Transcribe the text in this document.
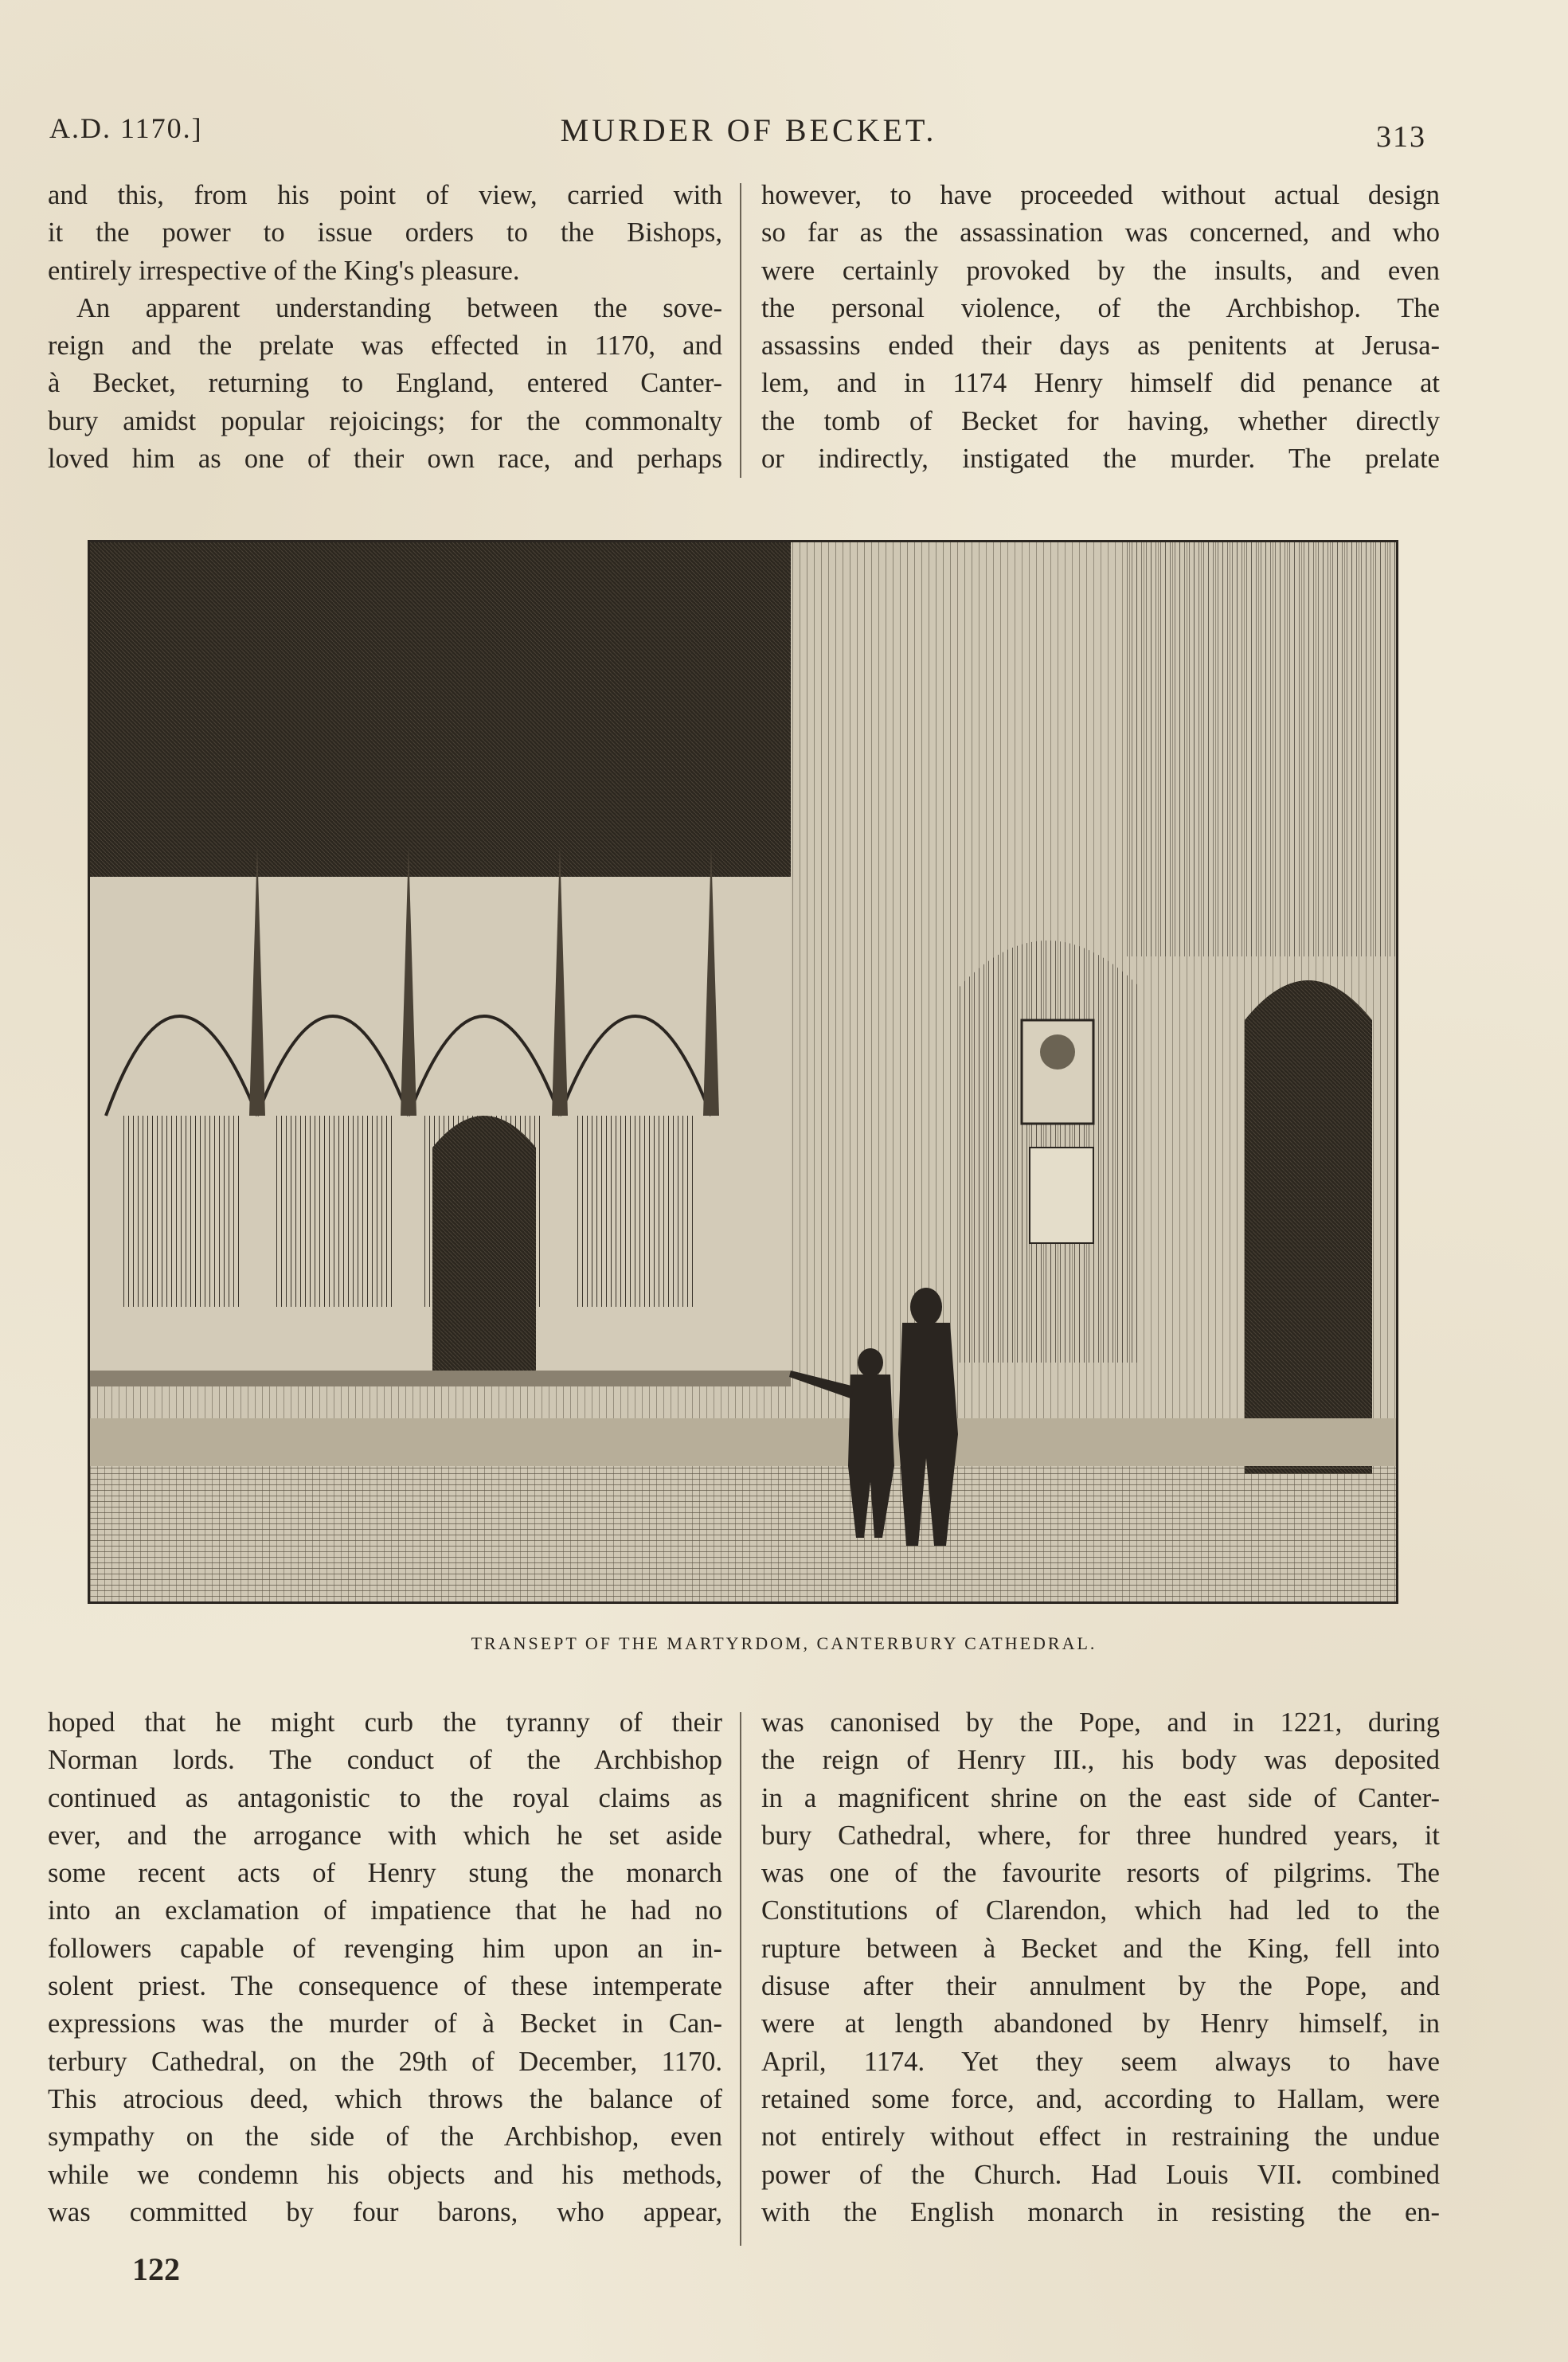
A.D. 1170.]	MURDER OF BECKET.	313
and this, from his point of view, carried with
it the power to issue orders to the Bishops,
entirely irrespective of the King's pleasure.
An apparent understanding between the sove-
reign and the prelate was effected in 1170, and
à Becket, returning to England, entered Canter-
bury amidst popular rejoicings; for the commonalty
loved him as one of their own race, and perhaps
however, to have proceeded without actual design
so far as the assassination was concerned, and who
were certainly provoked by the insults, and even
the personal violence, of the Archbishop. The
assassins ended their days as penitents at Jerusa-
lem, and in 1174 Henry himself did penance at
the tomb of Becket for having, whether directly
or indirectly, instigated the murder. The prelate
TRANSEPT OF THE MARTYRDOM, CANTERBURY CATHEDRAL.
hoped that he might curb the tyranny of their
Norman lords. The conduct of the Archbishop
continued as antagonistic to the royal claims as
ever, and the arrogance with which he set aside
some recent acts of Henry stung the monarch
into an exclamation of impatience that he had no
followers capable of revenging him upon an in-
solent priest. The consequence of these intemperate
expressions was the murder of à Becket in Can-
terbury Cathedral, on the 29th of December, 1170.
This atrocious deed, which throws the balance of
sympathy on the side of the Archbishop, even
while we condemn his objects and his methods,
was committed by four barons, who appear,
was canonised by the Pope, and in 1221, during
the reign of Henry III., his body was deposited
in a magnificent shrine on the east side of Canter-
bury Cathedral, where, for three hundred years, it
was one of the favourite resorts of pilgrims. The
Constitutions of Clarendon, which had led to the
rupture between à Becket and the King, fell into
disuse after their annulment by the Pope, and
were at length abandoned by Henry himself, in
April, 1174. Yet they seem always to have
retained some force, and, according to Hallam, were
not entirely without effect in restraining the undue
power of the Church. Had Louis VII. combined
with the English monarch in resisting the en-
122
